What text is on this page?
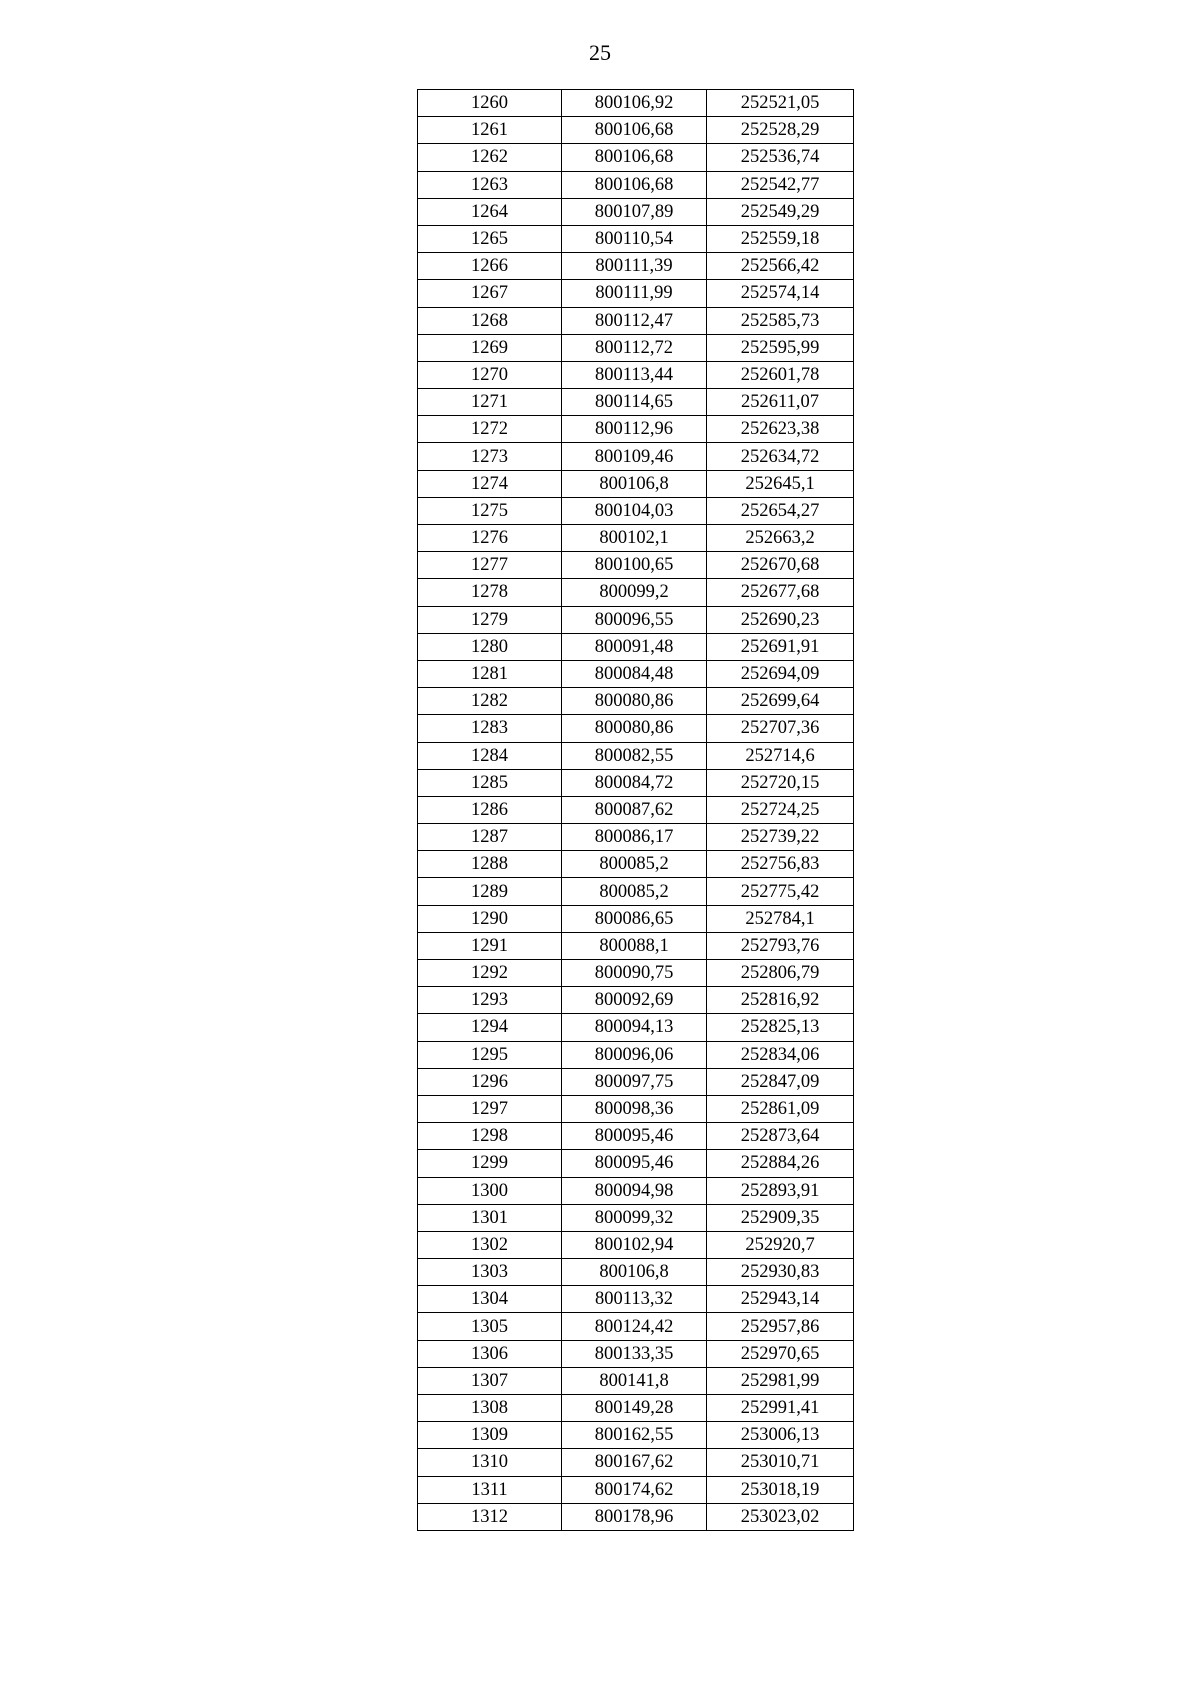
25
1260	800106,92	252521,05
1261	800106,68	252528,29
1262	800106,68	252536,74
1263	800106,68	252542,77
1264	800107,89	252549,29
1265	800110,54	252559,18
1266	800111,39	252566,42
1267	800111,99	252574,14
1268	800112,47	252585,73
1269	800112,72	252595,99
1270	800113,44	252601,78
1271	800114,65	252611,07
1272	800112,96	252623,38
1273	800109,46	252634,72
1274	800106,8	252645,1
1275	800104,03	252654,27
1276	800102,1	252663,2
1277	800100,65	252670,68
1278	800099,2	252677,68
1279	800096,55	252690,23
1280	800091,48	252691,91
1281	800084,48	252694,09
1282	800080,86	252699,64
1283	800080,86	252707,36
1284	800082,55	252714,6
1285	800084,72	252720,15
1286	800087,62	252724,25
1287	800086,17	252739,22
1288	800085,2	252756,83
1289	800085,2	252775,42
1290	800086,65	252784,1
1291	800088,1	252793,76
1292	800090,75	252806,79
1293	800092,69	252816,92
1294	800094,13	252825,13
1295	800096,06	252834,06
1296	800097,75	252847,09
1297	800098,36	252861,09
1298	800095,46	252873,64
1299	800095,46	252884,26
1300	800094,98	252893,91
1301	800099,32	252909,35
1302	800102,94	252920,7
1303	800106,8	252930,83
1304	800113,32	252943,14
1305	800124,42	252957,86
1306	800133,35	252970,65
1307	800141,8	252981,99
1308	800149,28	252991,41
1309	800162,55	253006,13
1310	800167,62	253010,71
1311	800174,62	253018,19
1312	800178,96	253023,02
